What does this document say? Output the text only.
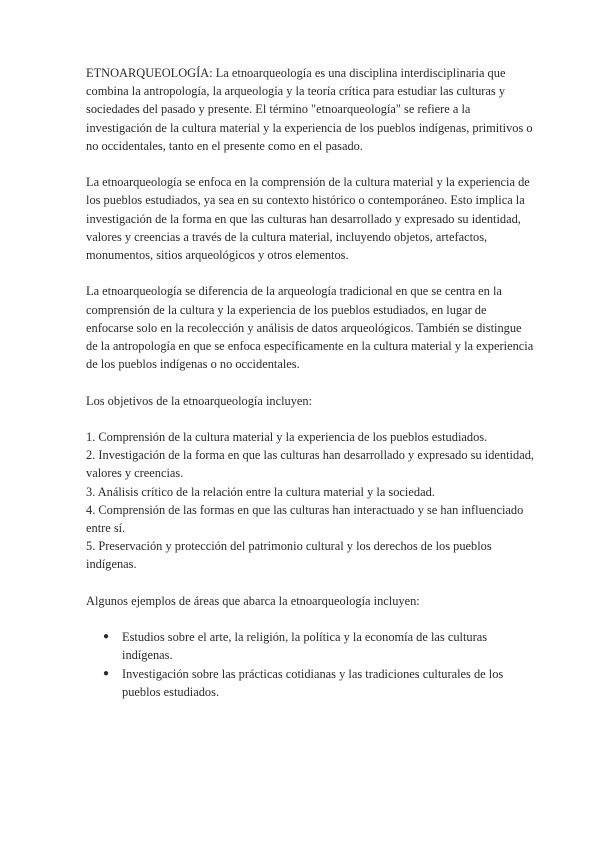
ETNOARQUEOLOGÍA: La etnoarqueología es una disciplina interdisciplinaria que combina la antropología, la arqueología y la teoría crítica para estudiar las culturas y sociedades del pasado y presente. El término "etnoarqueología" se refiere a la investigación de la cultura material y la experiencia de los pueblos indígenas, primitivos o no occidentales, tanto en el presente como en el pasado.

La etnoarqueología se enfoca en la comprensión de la cultura material y la experiencia de los pueblos estudiados, ya sea en su contexto histórico o contemporáneo. Esto implica la investigación de la forma en que las culturas han desarrollado y expresado su identidad, valores y creencias a través de la cultura material, incluyendo objetos, artefactos, monumentos, sitios arqueológicos y otros elementos.

La etnoarqueología se diferencia de la arqueología tradicional en que se centra en la comprensión de la cultura y la experiencia de los pueblos estudiados, en lugar de enfocarse solo en la recolección y análisis de datos arqueológicos. También se distingue de la antropología en que se enfoca específicamente en la cultura material y la experiencia de los pueblos indígenas o no occidentales.

Los objetivos de la etnoarqueología incluyen:

1. Comprensión de la cultura material y la experiencia de los pueblos estudiados.

2. Investigación de la forma en que las culturas han desarrollado y expresado su identidad, valores y creencias.

3. Análisis crítico de la relación entre la cultura material y la sociedad.

4. Comprensión de las formas en que las culturas han interactuado y se han influenciado entre sí.

5. Preservación y protección del patrimonio cultural y los derechos de los pueblos indígenas.

Algunos ejemplos de áreas que abarca la etnoarqueología incluyen:

● Estudios sobre el arte, la religión, la política y la economía de las culturas indígenas.
● Investigación sobre las prácticas cotidianas y las tradiciones culturales de los pueblos estudiados.
